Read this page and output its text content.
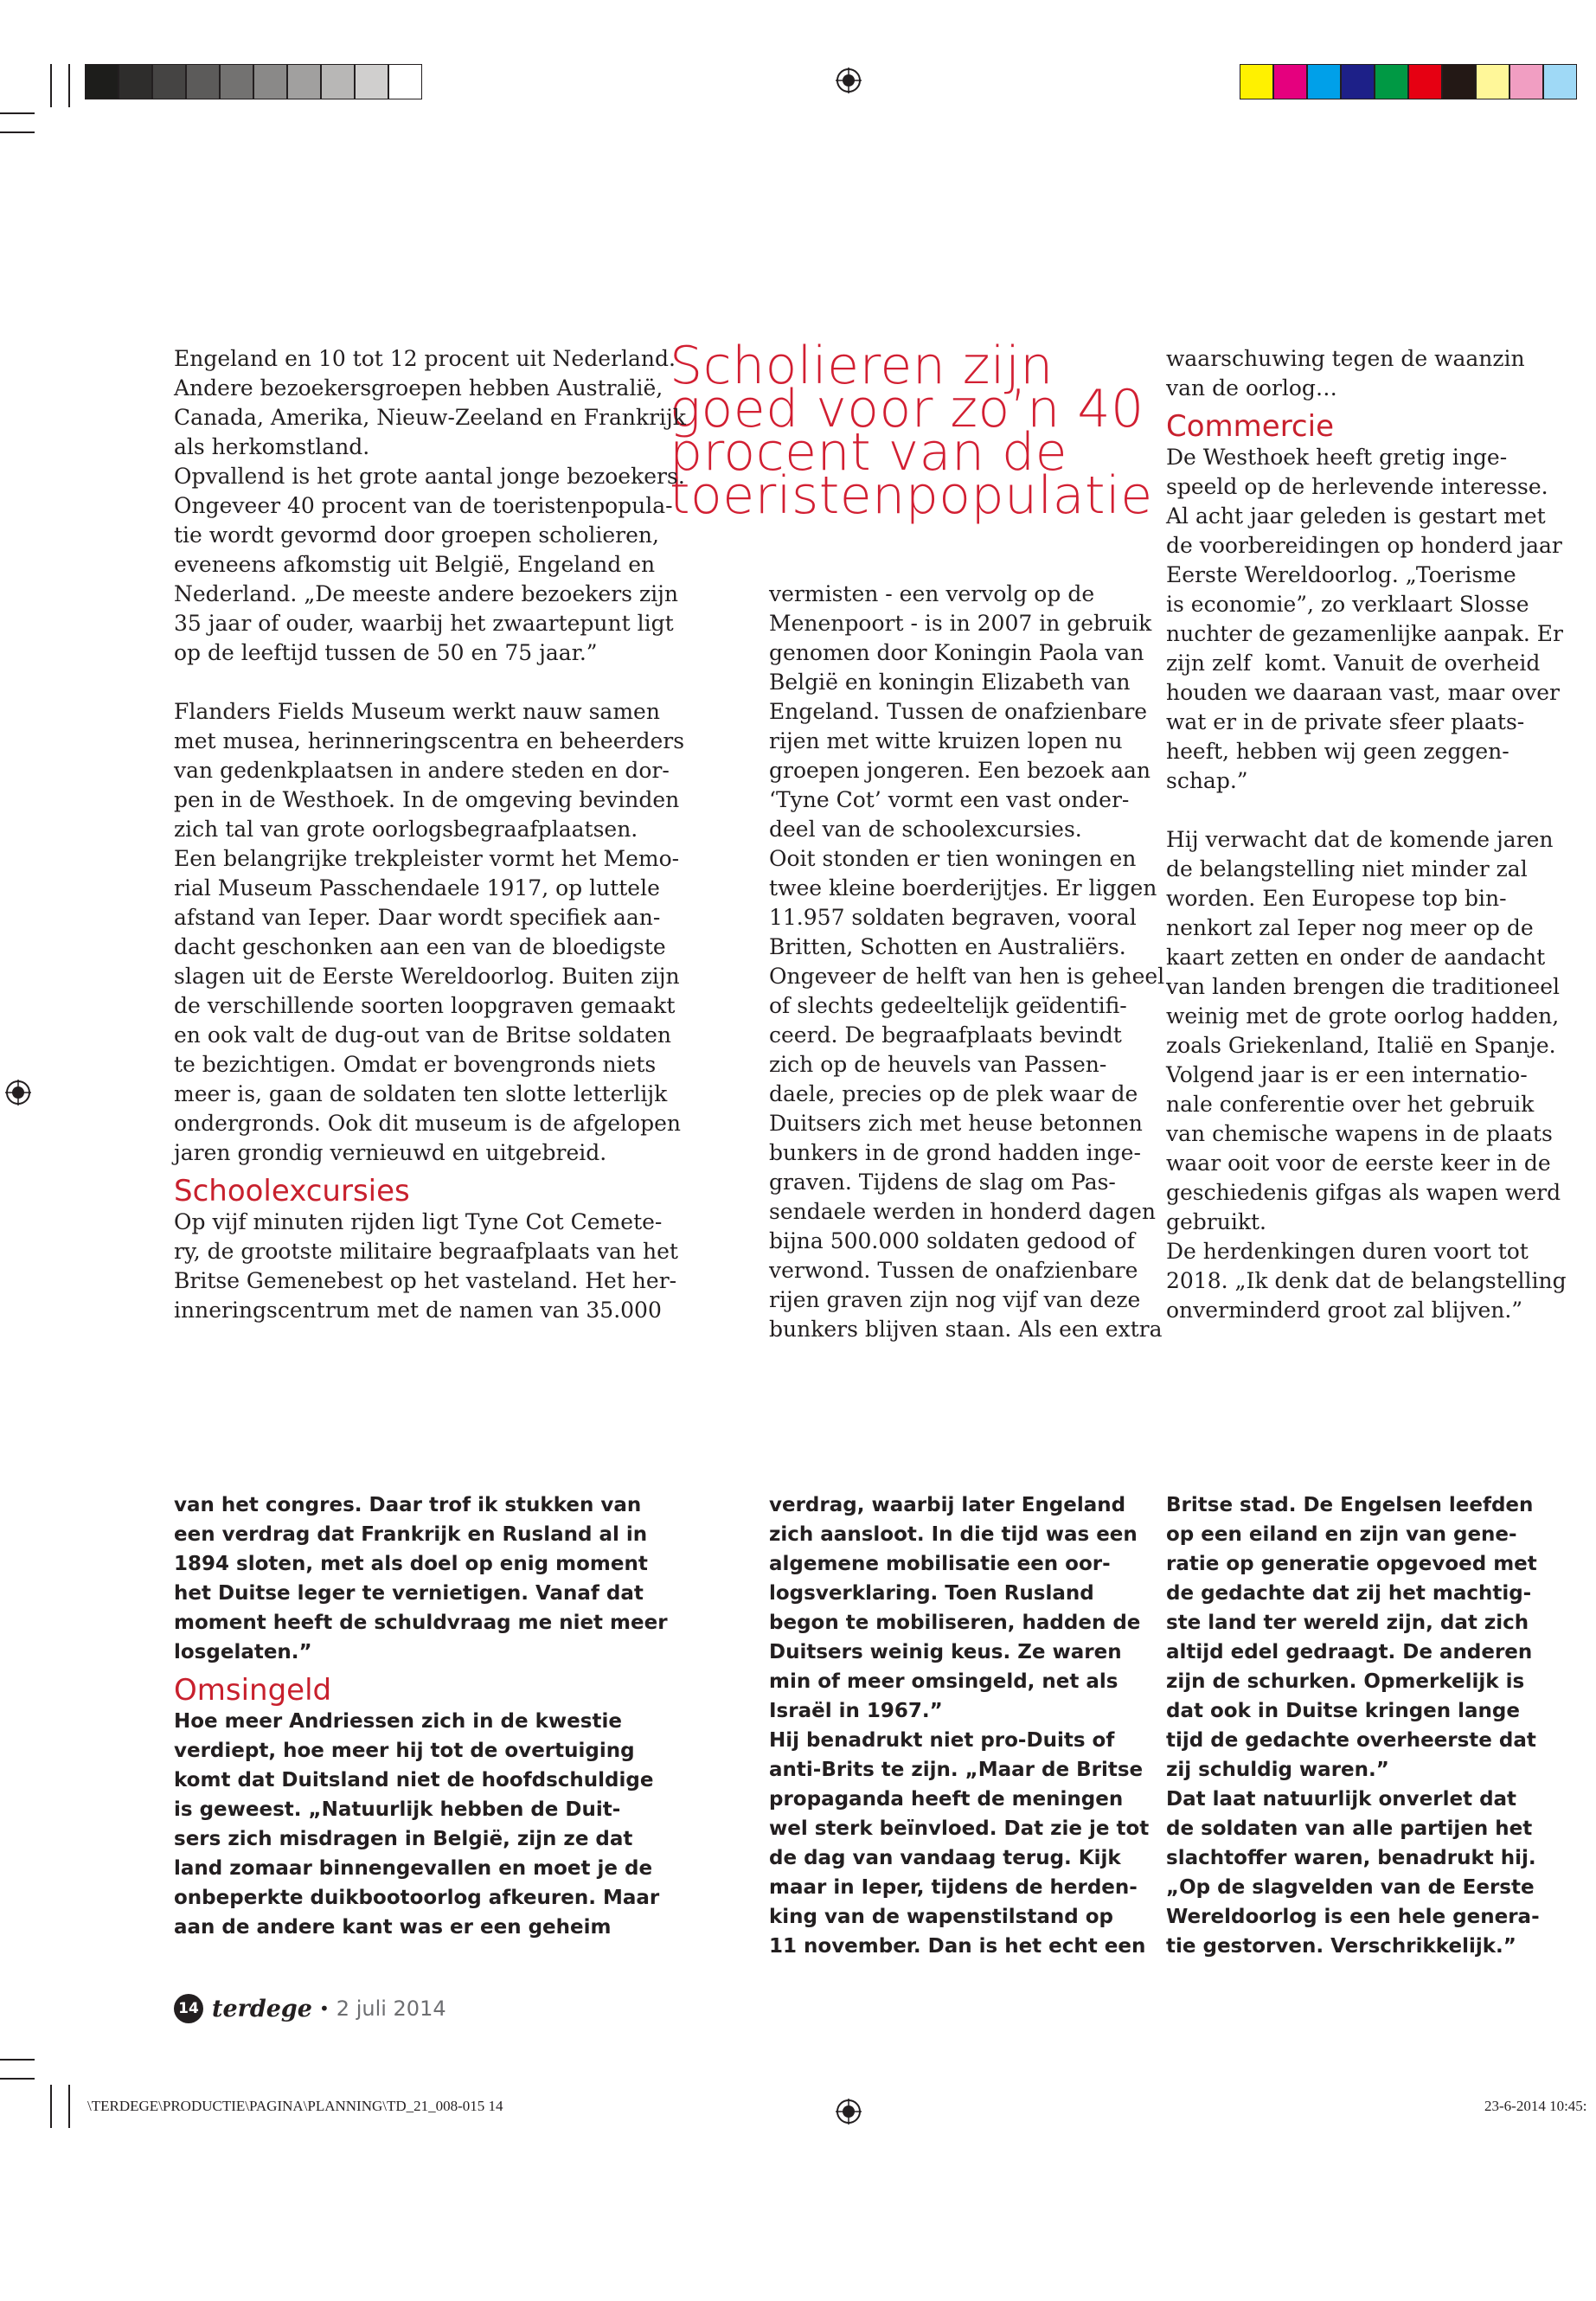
Scholieren zijn
goed voor zo’n 40
procent van de
toeristenpopulatie

Engeland en 10 tot 12 procent uit Nederland.

Andere bezoekersgroepen hebben Australië,

Canada, Amerika, Nieuw-Zeeland en Frankrijk

als herkomstland.

Opvallend is het grote aantal jonge bezoekers.

Ongeveer 40 procent van de toeristenpopula-

tie wordt gevormd door groepen scholieren,

eveneens afkomstig uit België, Engeland en

Nederland. „De meeste andere bezoekers zijn

35 jaar of ouder, waarbij het zwaartepunt ligt

op de leeftijd tussen de 50 en 75 jaar.”

Flanders Fields Museum werkt nauw samen

met musea, herinneringscentra en beheerders

van gedenkplaatsen in andere steden en dor-

pen in de Westhoek. In de omgeving bevinden

zich tal van grote oorlogsbegraafplaatsen.

Een belangrijke trekpleister vormt het Memo-

rial Museum Passchendaele 1917, op luttele

afstand van Ieper. Daar wordt specifiek aan-

dacht geschonken aan een van de bloedigste

slagen uit de Eerste Wereldoorlog. Buiten zijn

de verschillende soorten loopgraven gemaakt

en ook valt de dug-out van de Britse soldaten

te bezichtigen. Omdat er bovengronds niets

meer is, gaan de soldaten ten slotte letterlijk

ondergronds. Ook dit museum is de afgelopen

jaren grondig vernieuwd en uitgebreid.

Schoolexcursies

Op vijf minuten rijden ligt Tyne Cot Cemete-

ry, de grootste militaire begraafplaats van het

Britse Gemenebest op het vasteland. Het her-

inneringscentrum met de namen van 35.000

vermisten - een vervolg op de

Menenpoort - is in 2007 in gebruik

genomen door Koningin Paola van

België en koningin Elizabeth van

Engeland. Tussen de onafzienbare

rijen met witte kruizen lopen nu

groepen jongeren. Een bezoek aan

‘Tyne Cot’ vormt een vast onder-

deel van de schoolexcursies.

Ooit stonden er tien woningen en

twee kleine boerderijtjes. Er liggen

11.957 soldaten begraven, vooral

Britten, Schotten en Australiërs.

Ongeveer de helft van hen is geheel

of slechts gedeeltelijk geïdentifi-

ceerd. De begraafplaats bevindt

zich op de heuvels van Passen-

daele, precies op de plek waar de

Duitsers zich met heuse betonnen

bunkers in de grond hadden inge-

graven. Tijdens de slag om Pas-

sendaele werden in honderd dagen

bijna 500.000 soldaten gedood of

verwond. Tussen de onafzienbare

rijen graven zijn nog vijf van deze

bunkers blijven staan. Als een extra

waarschuwing tegen de waanzin

van de oorlog…

Commercie

De Westhoek heeft gretig inge-

speeld op de herlevende interesse.

Al acht jaar geleden is gestart met

de voorbereidingen op honderd jaar

Eerste Wereldoorlog. „Toerisme

is economie”, zo verklaart Slosse

nuchter de gezamenlijke aanpak. Er

zijn zelf  komt. Vanuit de overheid

houden we daaraan vast, maar over

wat er in de private sfeer plaats-

heeft, hebben wij geen zeggen-

schap.”

Hij verwacht dat de komende jaren

de belangstelling niet minder zal

worden. Een Europese top bin-

nenkort zal Ieper nog meer op de

kaart zetten en onder de aandacht

van landen brengen die traditioneel

weinig met de grote oorlog hadden,

zoals Griekenland, Italië en Spanje.

Volgend jaar is er een internatio-

nale conferentie over het gebruik

van chemische wapens in de plaats

waar ooit voor de eerste keer in de

geschiedenis gifgas als wapen werd

gebruikt.

De herdenkingen duren voort tot

2018. „Ik denk dat de belangstelling

onverminderd groot zal blijven.”

van het congres. Daar trof ik stukken van

een verdrag dat Frankrijk en Rusland al in

1894 sloten, met als doel op enig moment

het Duitse leger te vernietigen. Vanaf dat

moment heeft de schuldvraag me niet meer

losgelaten.”

Omsingeld

Hoe meer Andriessen zich in de kwestie

verdiept, hoe meer hij tot de overtuiging

komt dat Duitsland niet de hoofdschuldige

is geweest. „Natuurlijk hebben de Duit-

sers zich misdragen in België, zijn ze dat

land zomaar binnengevallen en moet je de

onbeperkte duikbootoorlog afkeuren. Maar

aan de andere kant was er een geheim

verdrag, waarbij later Engeland

zich aansloot. In die tijd was een

algemene mobilisatie een oor-

logsverklaring. Toen Rusland

begon te mobiliseren, hadden de

Duitsers weinig keus. Ze waren

min of meer omsingeld, net als

Israël in 1967.”

Hij benadrukt niet pro-Duits of

anti-Brits te zijn. „Maar de Britse

propaganda heeft de meningen

wel sterk beïnvloed. Dat zie je tot

de dag van vandaag terug. Kijk

maar in Ieper, tijdens de herden-

king van de wapenstilstand op

11 november. Dan is het echt een

Britse stad. De Engelsen leefden

op een eiland en zijn van gene-

ratie op generatie opgevoed met

de gedachte dat zij het machtig-

ste land ter wereld zijn, dat zich

altijd edel gedraagt. De anderen

zijn de schurken. Opmerkelijk is

dat ook in Duitse kringen lange

tijd de gedachte overheerste dat

zij schuldig waren.”

Dat laat natuurlijk onverlet dat

de soldaten van alle partijen het

slachtoffer waren, benadrukt hij.

„Op de slagvelden van de Eerste

Wereldoorlog is een hele genera-

tie gestorven. Verschrikkelijk.”

14 terdege • 2 juli 2014
\TERDEGE\PRODUCTIE\PAGINA\PLANNING\TD_21_008-015 14	23-6-2014 10:45:
